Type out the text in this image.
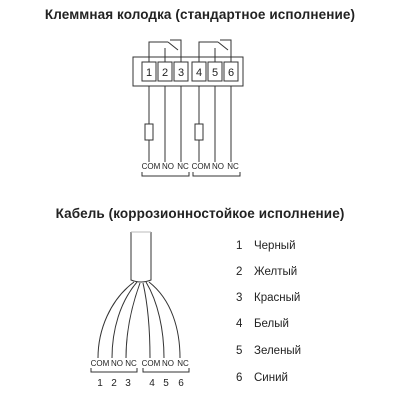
Клеммная колодка (стандартное исполнение)
1 2 3 4 5 6
COM NO NC COM NO NC
COM NO NC COM NO NC
1 2 3 4 5 6
Кабель (коррозионностойкое исполнение)
1 Черный
2 Желтый
3 Красный
4 Белый
5 Зеленый
6 Синий
